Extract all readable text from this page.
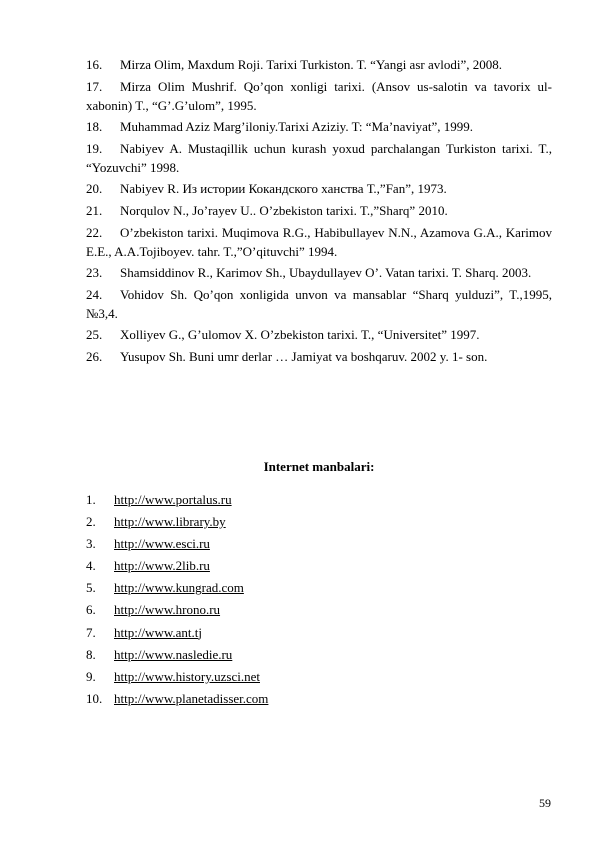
16. Mirza Olim, Maxdum Roji. Tarixi Turkiston. T. “Yangi asr avlodi”, 2008.
17. Mirza Olim Mushrif. Qo’qon xonligi tarixi. (Ansov us-salotin va tavorix ul-xabonin) T., “G’.G’ulom”, 1995.
18. Muhammad Aziz Marg’iloniy.Tarixi Aziziy. T: “Ma’naviyat”, 1999.
19. Nabiyev A. Mustaqillik uchun kurash yoxud parchalangan Turkiston tarixi. T., “Yozuvchi” 1998.
20. Nabiyev R. Из истории Кокандского ханства Т.,”Fan”, 1973.
21. Norqulov N., Jo’rayev U.. O’zbekiston tarixi. T.,”Sharq” 2010.
22. O’zbekiston tarixi. Muqimova R.G., Habibullayev N.N., Azamova G.A., Karimov E.E., A.A.Tojiboyev. tahr. T.,”O’qituvchi” 1994.
23. Shamsiddinov R., Karimov Sh., Ubaydullayev O’. Vatan tarixi. T. Sharq. 2003.
24. Vohidov Sh. Qo’qon xonligida unvon va mansablar “Sharq yulduzi”, T.,1995, №3,4.
25. Xolliyev G., G’ulomov X. O’zbekiston tarixi. T., “Universitet” 1997.
26. Yusupov Sh. Buni umr derlar … Jamiyat va boshqaruv. 2002 y. 1- son.
Internet manbalari:
1. http://www.portalus.ru
2. http://www.library.by
3. http://www.esci.ru
4. http://www.2lib.ru
5. http://www.kungrad.com
6. http://www.hrono.ru
7. http://www.ant.tj
8. http://www.nasledie.ru
9. http://www.history.uzsci.net
10. http://www.planetadisser.com
59
